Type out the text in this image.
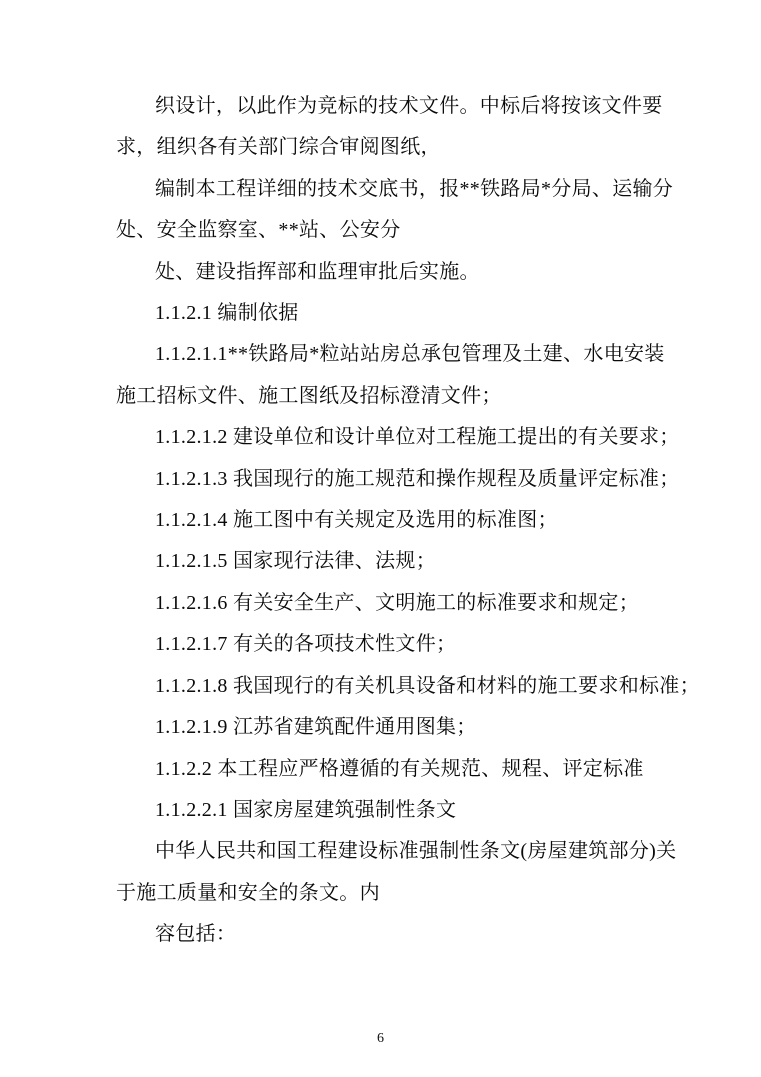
织设计，以此作为竞标的技术文件。中标后将按该文件要

求，组织各有关部门综合审阅图纸，

编制本工程详细的技术交底书，报**铁路局*分局、运输分

处、安全监察室、**站、公安分

处、建设指挥部和监理审批后实施。

1.1.2.1 编制依据

1.1.2.1.1**铁路局*粒站站房总承包管理及土建、水电安装

施工招标文件、施工图纸及招标澄清文件；

1.1.2.1.2 建设单位和设计单位对工程施工提出的有关要求；

1.1.2.1.3 我国现行的施工规范和操作规程及质量评定标准；

1.1.2.1.4 施工图中有关规定及选用的标准图；

1.1.2.1.5 国家现行法律、法规；

1.1.2.1.6 有关安全生产、文明施工的标准要求和规定；

1.1.2.1.7 有关的各项技术性文件；

1.1.2.1.8 我国现行的有关机具设备和材料的施工要求和标准；

1.1.2.1.9 江苏省建筑配件通用图集；

1.1.2.2 本工程应严格遵循的有关规范、规程、评定标准

1.1.2.2.1 国家房屋建筑强制性条文

中华人民共和国工程建设标准强制性条文(房屋建筑部分)关

于施工质量和安全的条文。内

容包括：

6
